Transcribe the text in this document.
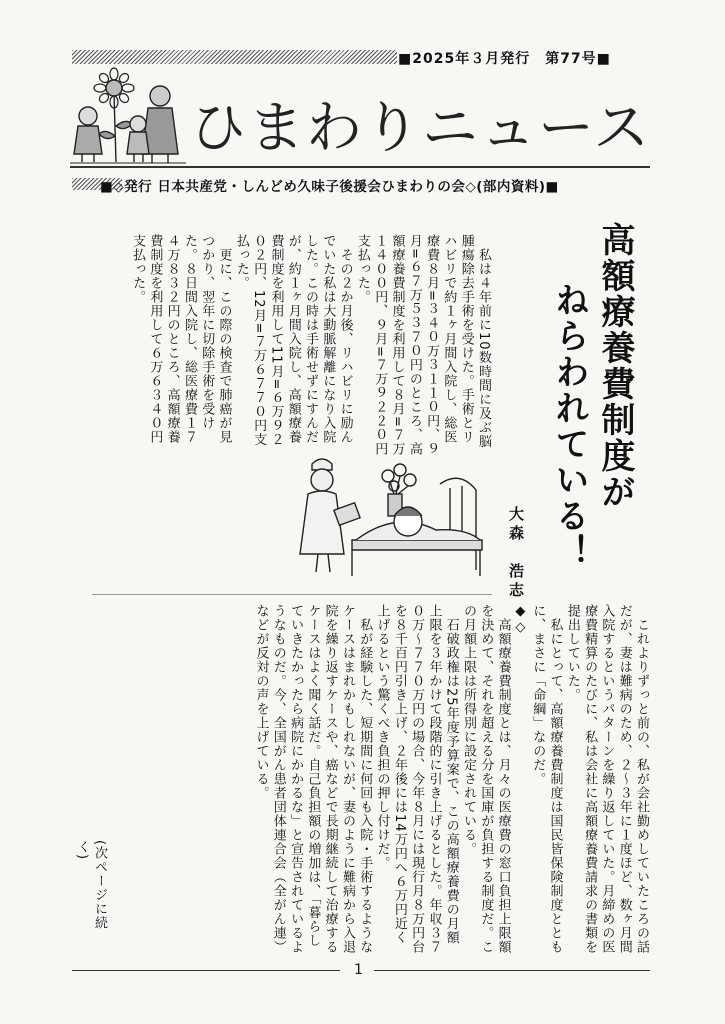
■2025年３月発行　第77号■
ひまわりニュース
■◇発行 日本共産党・しんどめ久味子後援会ひまわりの会◇(部内資料)■
高額療養費制度が
ねらわれている！
大森　浩志
　私は４年前に10数時間に及ぶ脳腫瘍除去手術を受けた。手術とリハビリで約１ヶ月間入院し、総医療費８月=３４０万３１１０円、９月=６７万５３７０円のところ、高額療養費制度を利用して８月=７万１４００円、９月=７万９２２０円支払った。
　その２か月後、リハビリに励んでいた私は大動脈解離になり入院した。この時は手術せずにすんだが、約１ヶ月間入院し、高額療養費制度を利用して11月=６万９２０２円、12月=７万６７７０円支払った。
　更に、この際の検査で肺癌が見つかり、翌年に切除手術を受けた。８日間入院し、総医療費１７４万８３２円のところ、高額療養費制度を利用して６万６３４０円支払った。
　これよりずっと前の、私が会社勤めしていたころの話だが、妻は難病のため、２～３年に１度ほど、数ヶ月間入院するというパターンを繰り返していた。月締めの医療費精算のたびに、私は会社に高額療養費請求の書類を提出していた。
　私にとって、高額療養費制度は国民皆保険制度とともに、まさに「命綱」なのだ。
◆◇
　高額療養費制度とは、月々の医療費の窓口負担上限額を決めて、それを超える分を国庫が負担する制度だ。この月額上限は所得別に設定されている。
　石破政権は25年度予算案で、この高額療養費の月額上限を３年かけて段階的に引き上げるとした。年収３７０万～７７０万円の場合、今年８月には現行月８万円台を８千百円引き上げ、２年後には14万円へ６万円近く上げるという驚くべき負担の押し付けだ。
　私が経験した、短期間に何回も入院・手術するようなケースはまれかもしれないが、妻のように難病から入退院を繰り返すケースや、癌などで長期継続して治療するケースはよく聞く話だ。自己負担額の増加は、「暮らしていきたかったら病院にかかるな」と宣告されているようなものだ。今、全国がん患者団体連合会（全がん連）などが反対の声を上げている。
(次ページに続く)
1
